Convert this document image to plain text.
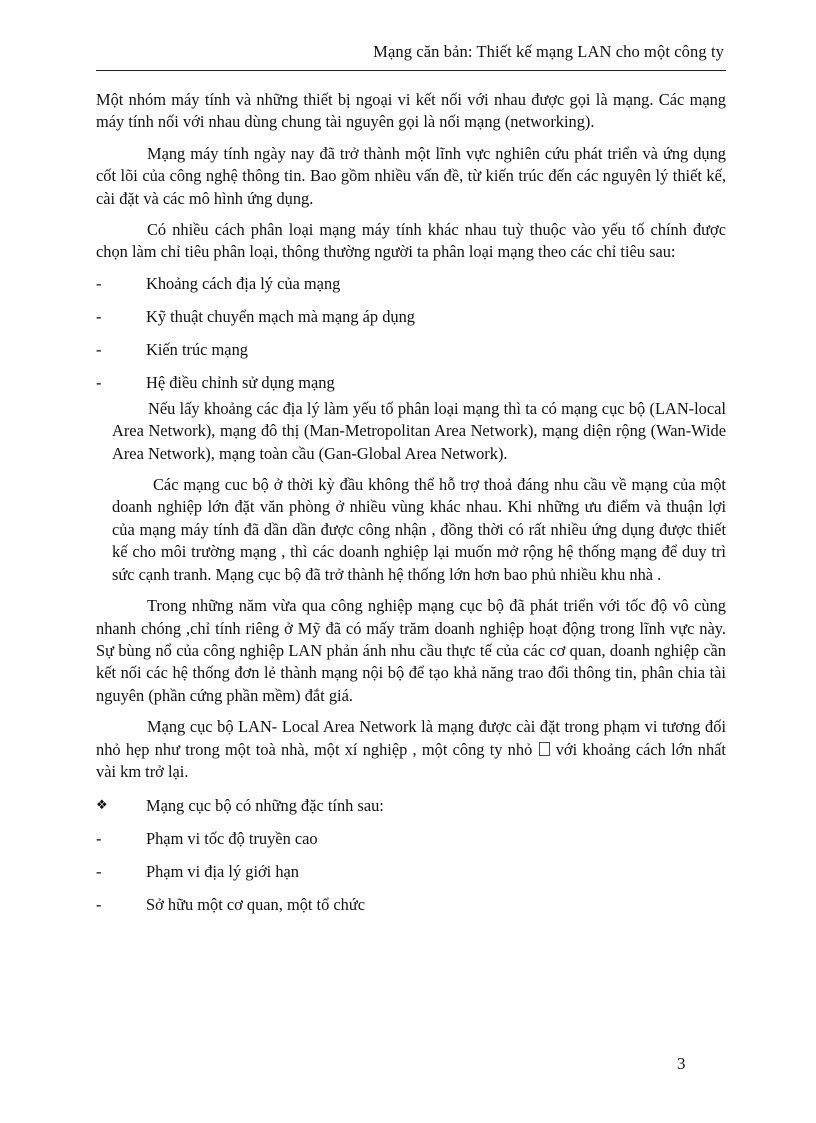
Mạng căn bản: Thiết kế mạng LAN cho một công ty

Một nhóm máy tính và những thiết bị ngoại vi kết nối với nhau được gọi là mạng. Các mạng máy tính nối với nhau dùng chung tài nguyên gọi là nối mạng (networking).

Mạng máy tính ngày nay đã trở thành một lĩnh vực nghiên cứu phát triển và ứng dụng cốt lõi của công nghệ thông tin. Bao gồm nhiều vấn đề, từ kiến trúc đến các nguyên lý thiết kế, cài đặt và các mô hình ứng dụng.

Có nhiều cách phân loại mạng máy tính khác nhau tuỳ thuộc vào yếu tố chính được chọn làm chỉ tiêu phân loại, thông thường người ta phân loại mạng theo các chỉ tiêu sau:

-	Khoảng cách địa lý của mạng
-	Kỹ thuật chuyển mạch mà mạng áp dụng
-	Kiến trúc mạng
-	Hệ điều chỉnh sử dụng mạng

Nếu lấy khoảng các địa lý làm yếu tố phân loại mạng thì ta có mạng cục bộ (LAN-local Area Network), mạng đô thị (Man-Metropolitan Area Network), mạng diện rộng (Wan-Wide Area Network), mạng toàn cầu (Gan-Global Area Network).

Các mạng cuc bộ ở thời kỳ đầu không thể hỗ trợ thoả đáng nhu cầu về mạng của một doanh nghiệp lớn đặt văn phòng ở nhiều vùng khác nhau. Khi những ưu điểm và thuận lợi của mạng máy tính đã dần dần được công nhận , đồng thời có rất nhiều ứng dụng được thiết kế cho môi trường mạng , thì các doanh nghiệp lại muốn mở rộng hệ thống mạng để duy trì sức cạnh tranh. Mạng cục bộ đã trở thành hệ thống lớn hơn bao phủ nhiều khu nhà .

Trong những năm vừa qua công nghiệp mạng cục bộ đã phát triển với tốc độ vô cùng nhanh chóng ,chỉ tính riêng ở Mỹ đã có mấy trăm doanh nghiệp hoạt động trong lĩnh vực này. Sự bùng nổ của công nghiệp LAN phản ánh nhu cầu thực tế của các cơ quan, doanh nghiệp cần kết nối các hệ thống đơn lẻ thành mạng nội bộ để tạo khả năng trao đổi thông tin, phân chia tài nguyên (phần cứng phần mềm) đắt giá.

Mạng cục bộ LAN- Local Area Network là mạng được cài đặt trong phạm vi tương đối nhỏ hẹp như trong một toà nhà, một xí nghiệp , một công ty nhỏ với khoảng cách lớn nhất vài km trở lại.

❖	Mạng cục bộ có những đặc tính sau:
-	Phạm vi tốc độ truyền cao
-	Phạm vi địa lý giới hạn
-	Sở hữu một cơ quan, một tổ chức
3
